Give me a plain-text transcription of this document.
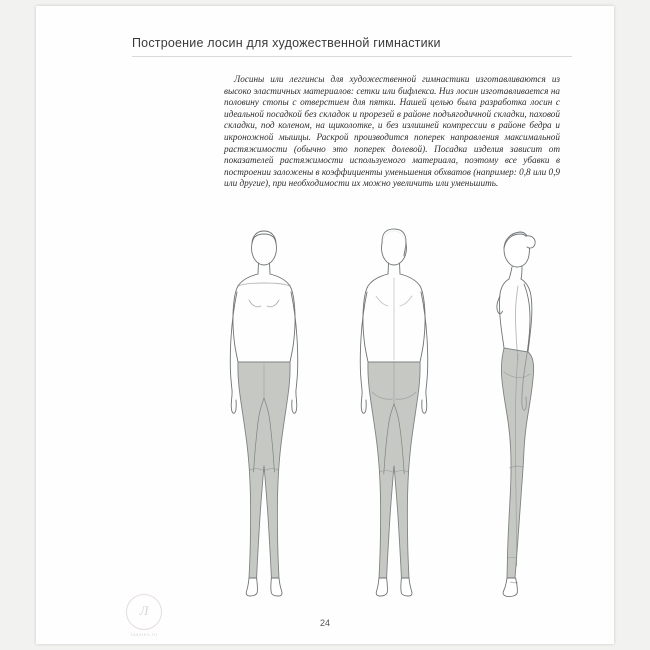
Построение лосин для художественной гимнастики
Лосины или леггинсы для художественной гимнастики изготавливаются из высоко эластичных материалов: сетки или бифлекса. Низ лосин изготавливается на половину стопы с отверстием для пятки. Нашей целью была разработка лосин с идеальной посадкой без складок и прорезей в районе подъягодичной складки, паховой складки, под коленом, на щиколотке, и без излишней компрессии в районе бедра и икроножной мышцы. Раскрой производится поперек направления максимальной растяжимости (обычно это поперек долевой). Посадка изделия зависит от показателей растяжимости используемого материала, поэтому все убавки в построении заложены в коэффициенты уменьшения обхватов (например: 0,8 или 0,9 или другие), при необходимости их можно увеличить или уменьшить.
Л
lanatex.ru
24
